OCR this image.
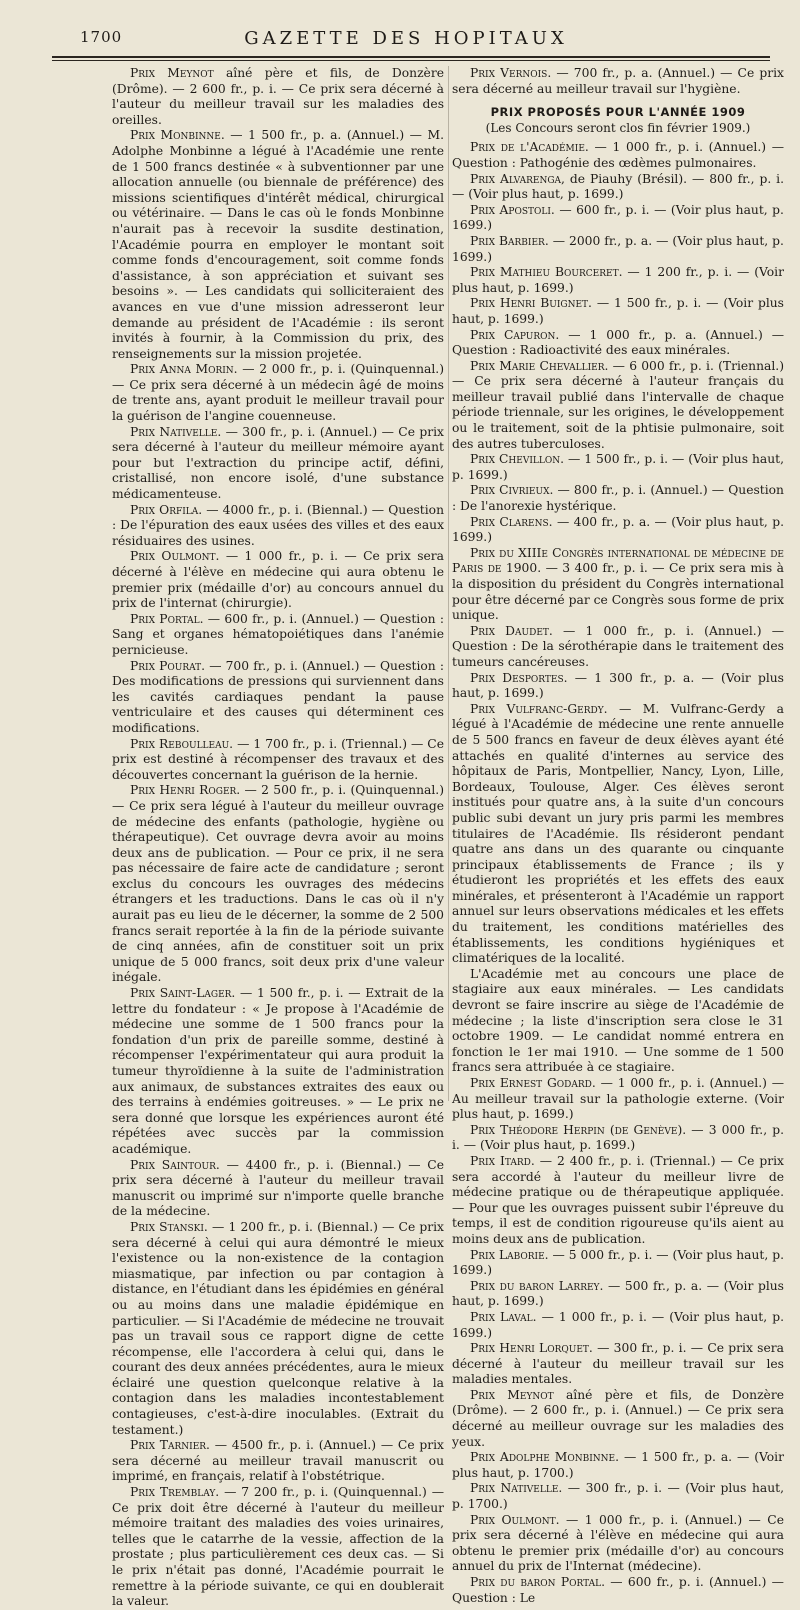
1700	GAZETTE DES HOPITAUX

Prix Meynot aîné père et fils, de Donzère (Drôme). — 2 600 fr., p. i. — Ce prix sera décerné à l'auteur du meilleur travail sur les maladies des oreilles.

Prix Monbinne. — 1 500 fr., p. a. (Annuel.) — M. Adolphe Monbinne a légué à l'Académie une rente de 1 500 francs destinée « à subventionner par une allocation annuelle (ou biennale de préférence) des missions scientifiques d'intérêt médical, chirurgical ou vétérinaire. — Dans le cas où le fonds Monbinne n'aurait pas à recevoir la susdite destination, l'Académie pourra en employer le montant soit comme fonds d'encouragement, soit comme fonds d'assistance, à son appréciation et suivant ses besoins ». — Les candidats qui solliciteraient des avances en vue d'une mission adresseront leur demande au président de l'Académie : ils seront invités à fournir, à la Commission du prix, des renseignements sur la mission projetée.

Prix Anna Morin. — 2 000 fr., p. i. (Quinquennal.) — Ce prix sera décerné à un médecin âgé de moins de trente ans, ayant produit le meilleur travail pour la guérison de l'angine couenneuse.

Prix Nativelle. — 300 fr., p. i. (Annuel.) — Ce prix sera décerné à l'auteur du meilleur mémoire ayant pour but l'extraction du principe actif, défini, cristallisé, non encore isolé, d'une substance médicamenteuse.

Prix Orfila. — 4000 fr., p. i. (Biennal.) — Question : De l'épuration des eaux usées des villes et des eaux résiduaires des usines.

Prix Oulmont. — 1 000 fr., p. i. — Ce prix sera décerné à l'élève en médecine qui aura obtenu le premier prix (médaille d'or) au concours annuel du prix de l'internat (chirurgie).

Prix Portal. — 600 fr., p. i. (Annuel.) — Question : Sang et organes hématopoiétiques dans l'anémie pernicieuse.

Prix Pourat. — 700 fr., p. i. (Annuel.) — Question : Des modifications de pressions qui surviennent dans les cavités cardiaques pendant la pause ventriculaire et des causes qui déterminent ces modifications.

Prix Reboulleau. — 1 700 fr., p. i. (Triennal.) — Ce prix est destiné à récompenser des travaux et des découvertes concernant la guérison de la hernie.

Prix Henri Roger. — 2 500 fr., p. i. (Quinquennal.) — Ce prix sera légué à l'auteur du meilleur ouvrage de médecine des enfants (pathologie, hygiène ou thérapeutique). Cet ouvrage devra avoir au moins deux ans de publication. — Pour ce prix, il ne sera pas nécessaire de faire acte de candidature ; seront exclus du concours les ouvrages des médecins étrangers et les traductions. Dans le cas où il n'y aurait pas eu lieu de le décerner, la somme de 2 500 francs serait reportée à la fin de la période suivante de cinq années, afin de constituer soit un prix unique de 5 000 francs, soit deux prix d'une valeur inégale.

Prix Saint-Lager. — 1 500 fr., p. i. — Extrait de la lettre du fondateur : « Je propose à l'Académie de médecine une somme de 1 500 francs pour la fondation d'un prix de pareille somme, destiné à récompenser l'expérimentateur qui aura produit la tumeur thyroïdienne à la suite de l'administration aux animaux, de substances extraites des eaux ou des terrains à endémies goitreuses. » — Le prix ne sera donné que lorsque les expériences auront été répétées avec succès par la commission académique.

Prix Saintour. — 4400 fr., p. i. (Biennal.) — Ce prix sera décerné à l'auteur du meilleur travail manuscrit ou imprimé sur n'importe quelle branche de la médecine.

Prix Stanski. — 1 200 fr., p. i. (Biennal.) — Ce prix sera décerné à celui qui aura démontré le mieux l'existence ou la non-existence de la contagion miasmatique, par infection ou par contagion à distance, en l'étudiant dans les épidémies en général ou au moins dans une maladie épidémique en particulier. — Si l'Académie de médecine ne trouvait pas un travail sous ce rapport digne de cette récompense, elle l'accordera à celui qui, dans le courant des deux années précédentes, aura le mieux éclairé une question quelconque relative à la contagion dans les maladies incontestablement contagieuses, c'est-à-dire inoculables. (Extrait du testament.)

Prix Tarnier. — 4500 fr., p. i. (Annuel.) — Ce prix sera décerné au meilleur travail manuscrit ou imprimé, en français, relatif à l'obstétrique.

Prix Tremblay. — 7 200 fr., p. i. (Quinquennal.) — Ce prix doit être décerné à l'auteur du meilleur mémoire traitant des maladies des voies urinaires, telles que le catarrhe de la vessie, affection de la prostate ; plus particulièrement ces deux cas. — Si le prix n'était pas donné, l'Académie pourrait le remettre à la période suivante, ce qui en doublerait la valeur.

Prix Vernois. — 700 fr., p. a. (Annuel.) — Ce prix sera décerné au meilleur travail sur l'hygiène.

PRIX PROPOSÉS POUR L'ANNÉE 1909

(Les Concours seront clos fin février 1909.)

Prix de l'Académie. — 1 000 fr., p. i. (Annuel.) — Question : Pathogénie des œdèmes pulmonaires.

Prix Alvarenga, de Piauhy (Brésil). — 800 fr., p. i. — (Voir plus haut, p. 1699.)

Prix Apostoli. — 600 fr., p. i. — (Voir plus haut, p. 1699.)

Prix Barbier. — 2000 fr., p. a. — (Voir plus haut, p. 1699.)

Prix Mathieu Bourceret. — 1 200 fr., p. i. — (Voir plus haut, p. 1699.)

Prix Henri Buignet. — 1 500 fr., p. i. — (Voir plus haut, p. 1699.)

Prix Capuron. — 1 000 fr., p. a. (Annuel.) — Question : Radioactivité des eaux minérales.

Prix Marie Chevallier. — 6 000 fr., p. i. (Triennal.) — Ce prix sera décerné à l'auteur français du meilleur travail publié dans l'intervalle de chaque période triennale, sur les origines, le développement ou le traitement, soit de la phtisie pulmonaire, soit des autres tuberculoses.

Prix Chevillon. — 1 500 fr., p. i. — (Voir plus haut, p. 1699.)

Prix Civrieux. — 800 fr., p. i. (Annuel.) — Question : De l'anorexie hystérique.

Prix Clarens. — 400 fr., p. a. — (Voir plus haut, p. 1699.)

Prix du XIIIe Congrès international de médecine de Paris de 1900. — 3 400 fr., p. i. — Ce prix sera mis à la disposition du président du Congrès international pour être décerné par ce Congrès sous forme de prix unique.

Prix Daudet. — 1 000 fr., p. i. (Annuel.) — Question : De la sérothérapie dans le traitement des tumeurs cancéreuses.

Prix Desportes. — 1 300 fr., p. a. — (Voir plus haut, p. 1699.)

Prix Vulfranc-Gerdy. — M. Vulfranc-Gerdy a légué à l'Académie de médecine une rente annuelle de 5 500 francs en faveur de deux élèves ayant été attachés en qualité d'internes au service des hôpitaux de Paris, Montpellier, Nancy, Lyon, Lille, Bordeaux, Toulouse, Alger. Ces élèves seront institués pour quatre ans, à la suite d'un concours public subi devant un jury pris parmi les membres titulaires de l'Académie. Ils résideront pendant quatre ans dans un des quarante ou cinquante principaux établissements de France ; ils y étudieront les propriétés et les effets des eaux minérales, et présenteront à l'Académie un rapport annuel sur leurs observations médicales et les effets du traitement, les conditions matérielles des établissements, les conditions hygiéniques et climatériques de la localité.

L'Académie met au concours une place de stagiaire aux eaux minérales. — Les candidats devront se faire inscrire au siège de l'Académie de médecine ; la liste d'inscription sera close le 31 octobre 1909. — Le candidat nommé entrera en fonction le 1er mai 1910. — Une somme de 1 500 francs sera attribuée à ce stagiaire.

Prix Ernest Godard. — 1 000 fr., p. i. (Annuel.) — Au meilleur travail sur la pathologie externe. (Voir plus haut, p. 1699.)

Prix Théodore Herpin (de Genève). — 3 000 fr., p. i. — (Voir plus haut, p. 1699.)

Prix Itard. — 2 400 fr., p. i. (Triennal.) — Ce prix sera accordé à l'auteur du meilleur livre de médecine pratique ou de thérapeutique appliquée. — Pour que les ouvrages puissent subir l'épreuve du temps, il est de condition rigoureuse qu'ils aient au moins deux ans de publication.

Prix Laborie. — 5 000 fr., p. i. — (Voir plus haut, p. 1699.)

Prix du baron Larrey. — 500 fr., p. a. — (Voir plus haut, p. 1699.)

Prix Laval. — 1 000 fr., p. i. — (Voir plus haut, p. 1699.)

Prix Henri Lorquet. — 300 fr., p. i. — Ce prix sera décerné à l'auteur du meilleur travail sur les maladies mentales.

Prix Meynot aîné père et fils, de Donzère (Drôme). — 2 600 fr., p. i. (Annuel.) — Ce prix sera décerné au meilleur ouvrage sur les maladies des yeux.

Prix Adolphe Monbinne. — 1 500 fr., p. a. — (Voir plus haut, p. 1700.)

Prix Nativelle. — 300 fr., p. i. — (Voir plus haut, p. 1700.)

Prix Oulmont. — 1 000 fr., p. i. (Annuel.) — Ce prix sera décerné à l'élève en médecine qui aura obtenu le premier prix (médaille d'or) au concours annuel du prix de l'Internat (médecine).

Prix du baron Portal. — 600 fr., p. i. (Annuel.) — Question : Le
